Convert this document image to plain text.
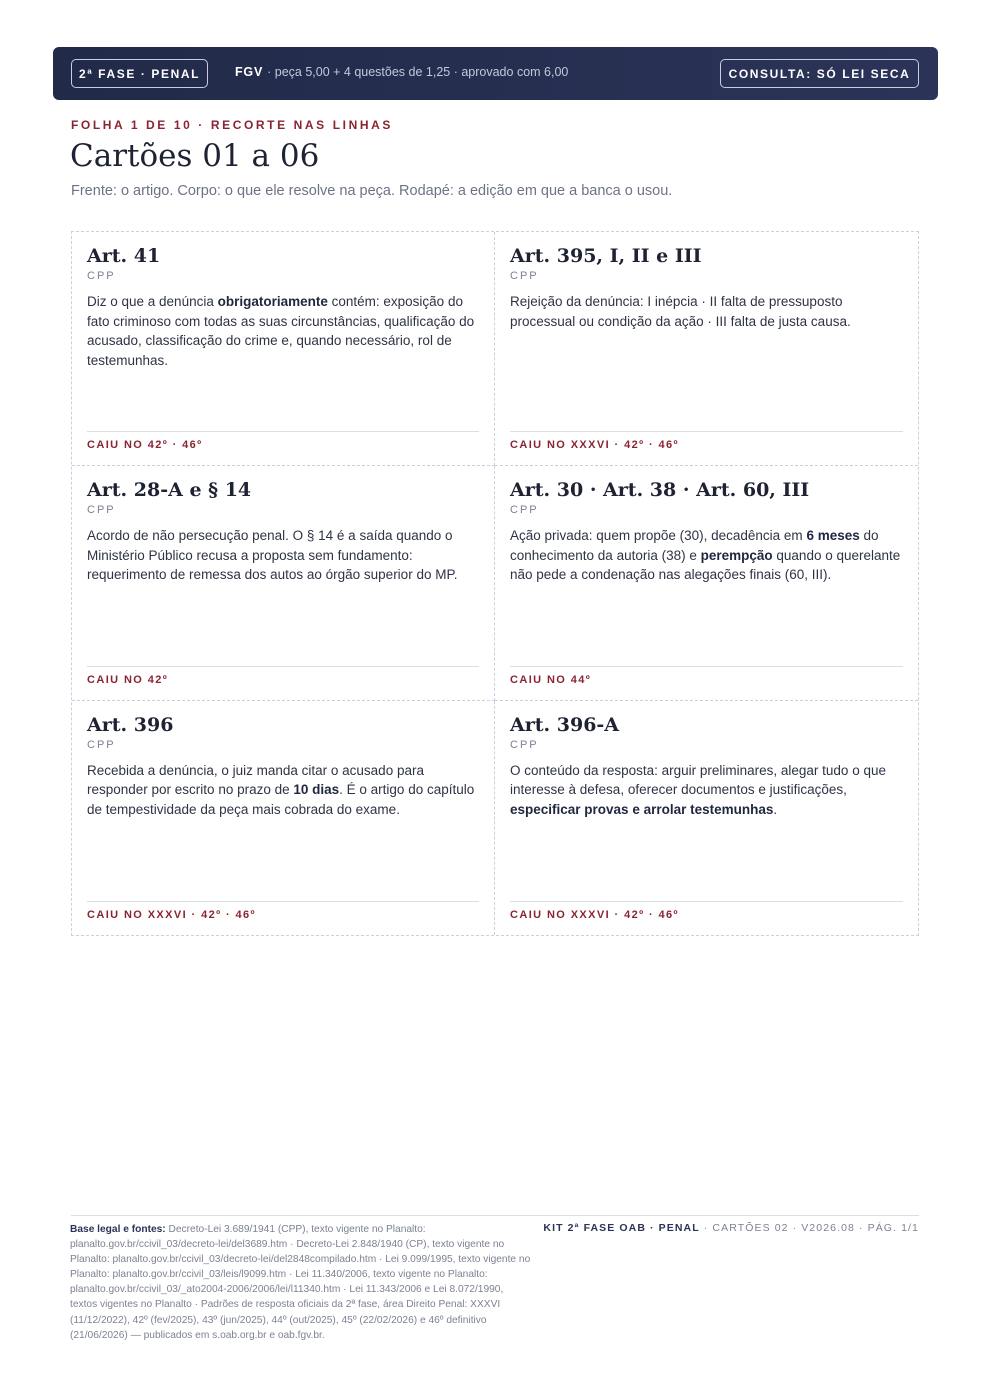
2ª FASE · PENAL	FGV · peça 5,00 + 4 questões de 1,25 · aprovado com 6,00	CONSULTA: SÓ LEI SECA
FOLHA 1 DE 10 · RECORTE NAS LINHAS
Cartões 01 a 06
Frente: o artigo. Corpo: o que ele resolve na peça. Rodapé: a edição em que a banca o usou.
Art. 41
CPP

Diz o que a denúncia obrigatoriamente contém: exposição do fato criminoso com todas as suas circunstâncias, qualificação do acusado, classificação do crime e, quando necessário, rol de testemunhas.

CAIU NO 42º · 46º
Art. 395, I, II e III
CPP

Rejeição da denúncia: I inépcia · II falta de pressuposto processual ou condição da ação · III falta de justa causa.

CAIU NO XXXVI · 42º · 46º
Art. 28-A e § 14
CPP

Acordo de não persecução penal. O § 14 é a saída quando o Ministério Público recusa a proposta sem fundamento: requerimento de remessa dos autos ao órgão superior do MP.

CAIU NO 42º
Art. 30 · Art. 38 · Art. 60, III
CPP

Ação privada: quem propõe (30), decadência em 6 meses do conhecimento da autoria (38) e perempção quando o querelante não pede a condenação nas alegações finais (60, III).

CAIU NO 44º
Art. 396
CPP

Recebida a denúncia, o juiz manda citar o acusado para responder por escrito no prazo de 10 dias. É o artigo do capítulo de tempestividade da peça mais cobrada do exame.

CAIU NO XXXVI · 42º · 46º
Art. 396-A
CPP

O conteúdo da resposta: arguir preliminares, alegar tudo o que interesse à defesa, oferecer documentos e justificações, especificar provas e arrolar testemunhas.

CAIU NO XXXVI · 42º · 46º
Base legal e fontes: Decreto-Lei 3.689/1941 (CPP), texto vigente no Planalto: planalto.gov.br/ccivil_03/decreto-lei/del3689.htm · Decreto-Lei 2.848/1940 (CP), texto vigente no Planalto: planalto.gov.br/ccivil_03/decreto-lei/del2848compilado.htm · Lei 9.099/1995, texto vigente no Planalto: planalto.gov.br/ccivil_03/leis/l9099.htm · Lei 11.340/2006, texto vigente no Planalto: planalto.gov.br/ccivil_03/_ato2004-2006/2006/lei/l11340.htm · Lei 11.343/2006 e Lei 8.072/1990, textos vigentes no Planalto · Padrões de resposta oficiais da 2ª fase, área Direito Penal: XXXVI (11/12/2022), 42º (fev/2025), 43º (jun/2025), 44º (out/2025), 45º (22/02/2026) e 46º definitivo (21/06/2026) — publicados em s.oab.org.br e oab.fgv.br.
KIT 2ª FASE OAB · PENAL · CARTÕES 02 · V2026.08 · PÁG. 1/1
